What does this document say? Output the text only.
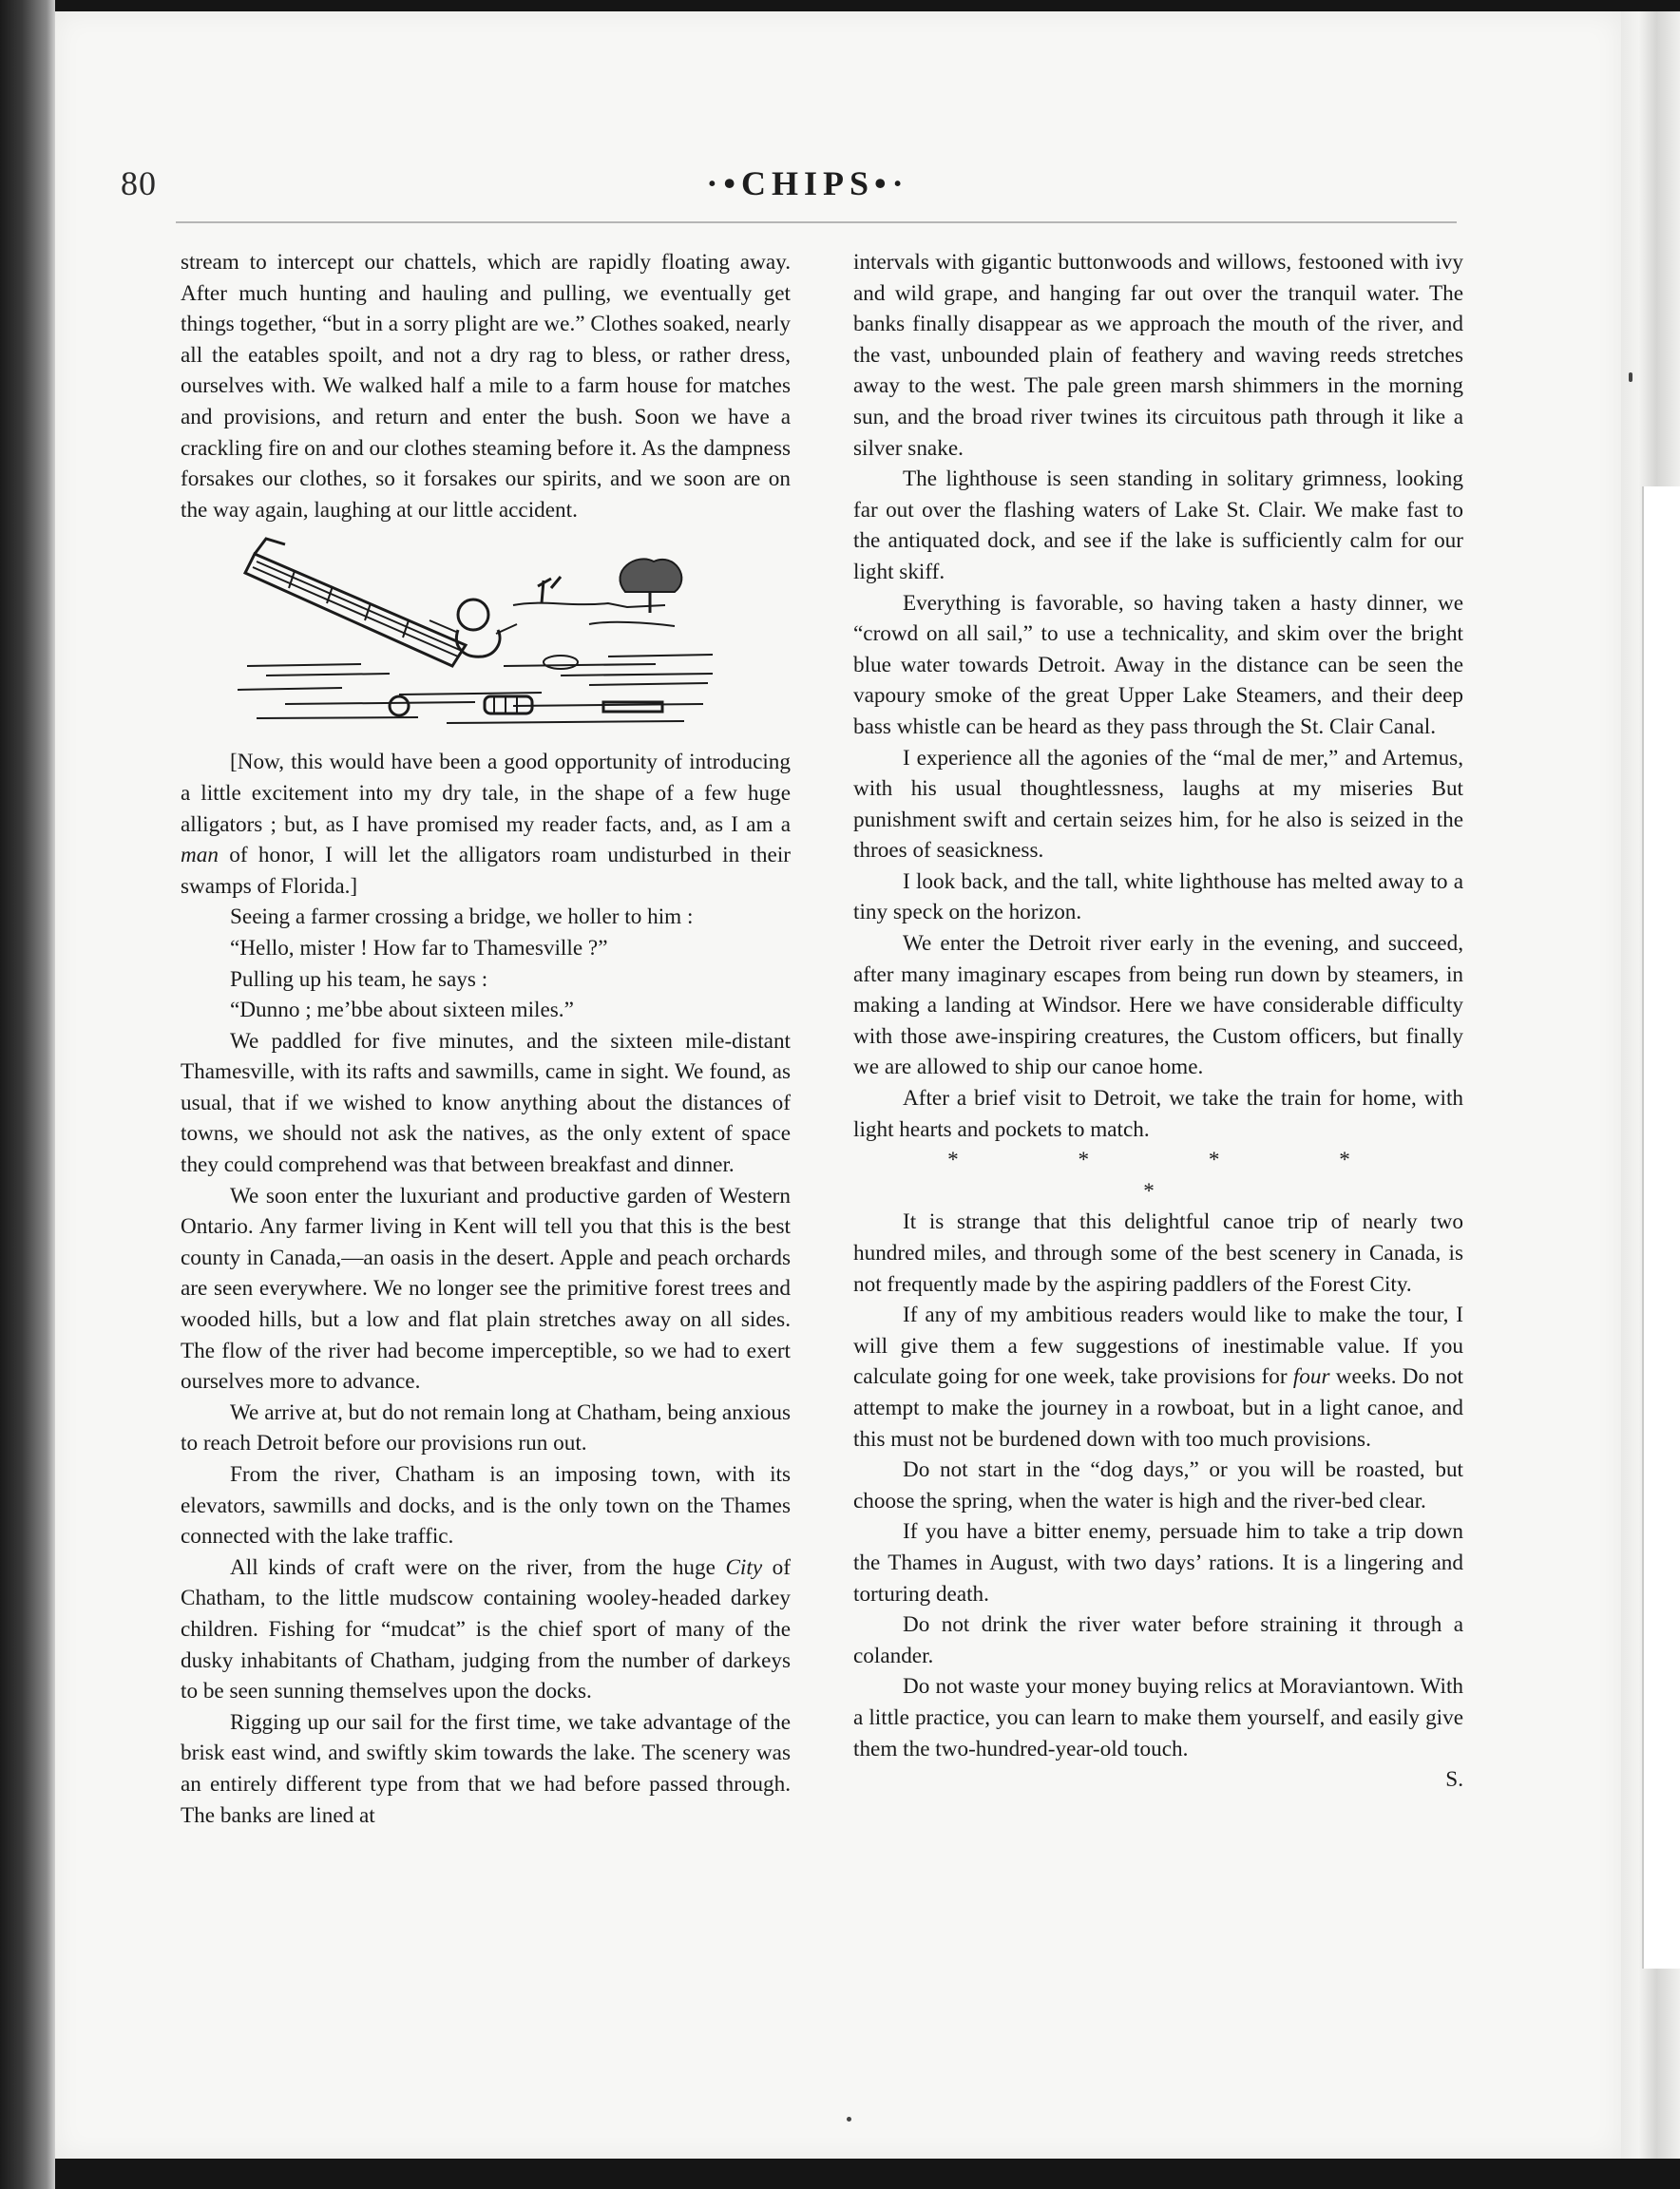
80	·•CHIPS•·

stream to intercept our chattels, which are rapidly floating away. After much hunting and hauling and pulling, we eventually get things together, “but in a sorry plight are we.” Clothes soaked, nearly all the eatables spoilt, and not a dry rag to bless, or rather dress, ourselves with. We walked half a mile to a farm house for matches and provisions, and return and enter the bush. Soon we have a crackling fire on and our clothes steaming before it. As the dampness forsakes our clothes, so it forsakes our spirits, and we soon are on the way again, laughing at our little accident.

[Now, this would have been a good opportunity of introducing a little excitement into my dry tale, in the shape of a few huge alligators ; but, as I have promised my reader facts, and, as I am a man of honor, I will let the alligators roam undisturbed in their swamps of Florida.]

Seeing a farmer crossing a bridge, we holler to him :

“Hello, mister ! How far to Thamesville ?”

Pulling up his team, he says :

“Dunno ; me’bbe about sixteen miles.”

We paddled for five minutes, and the sixteen mile-distant Thamesville, with its rafts and sawmills, came in sight. We found, as usual, that if we wished to know anything about the distances of towns, we should not ask the natives, as the only extent of space they could comprehend was that between breakfast and dinner.

We soon enter the luxuriant and productive garden of Western Ontario. Any farmer living in Kent will tell you that this is the best county in Canada,—an oasis in the desert. Apple and peach orchards are seen everywhere. We no longer see the primitive forest trees and wooded hills, but a low and flat plain stretches away on all sides. The flow of the river had become imperceptible, so we had to exert ourselves more to advance.

We arrive at, but do not remain long at Chatham, being anxious to reach Detroit before our provisions run out.

From the river, Chatham is an imposing town, with its elevators, sawmills and docks, and is the only town on the Thames connected with the lake traffic.

All kinds of craft were on the river, from the huge City of Chatham, to the little mudscow containing wooley-headed darkey children. Fishing for “mudcat” is the chief sport of many of the dusky inhabitants of Chatham, judging from the number of darkeys to be seen sunning themselves upon the docks.

Rigging up our sail for the first time, we take advantage of the brisk east wind, and swiftly skim towards the lake. The scenery was an entirely different type from that we had before passed through. The banks are lined at

intervals with gigantic buttonwoods and willows, festooned with ivy and wild grape, and hanging far out over the tranquil water. The banks finally disappear as we approach the mouth of the river, and the vast, unbounded plain of feathery and waving reeds stretches away to the west. The pale green marsh shimmers in the morning sun, and the broad river twines its circuitous path through it like a silver snake.

The lighthouse is seen standing in solitary grimness, looking far out over the flashing waters of Lake St. Clair. We make fast to the antiquated dock, and see if the lake is sufficiently calm for our light skiff.

Everything is favorable, so having taken a hasty dinner, we “crowd on all sail,” to use a technicality, and skim over the bright blue water towards Detroit. Away in the distance can be seen the vapoury smoke of the great Upper Lake Steamers, and their deep bass whistle can be heard as they pass through the St. Clair Canal.

I experience all the agonies of the “mal de mer,” and Artemus, with his usual thoughtlessness, laughs at my miseries But punishment swift and certain seizes him, for he also is seized in the throes of seasickness.

I look back, and the tall, white lighthouse has melted away to a tiny speck on the horizon.

We enter the Detroit river early in the evening, and succeed, after many imaginary escapes from being run down by steamers, in making a landing at Windsor. Here we have considerable difficulty with those awe-inspiring creatures, the Custom officers, but finally we are allowed to ship our canoe home.

After a brief visit to Detroit, we take the train for home, with light hearts and pockets to match.

* * * * *

It is strange that this delightful canoe trip of nearly two hundred miles, and through some of the best scenery in Canada, is not frequently made by the aspiring paddlers of the Forest City.

If any of my ambitious readers would like to make the tour, I will give them a few suggestions of inestimable value. If you calculate going for one week, take provisions for four weeks. Do not attempt to make the journey in a rowboat, but in a light canoe, and this must not be burdened down with too much provisions.

Do not start in the “dog days,” or you will be roasted, but choose the spring, when the water is high and the river-bed clear.

If you have a bitter enemy, persuade him to take a trip down the Thames in August, with two days’ rations. It is a lingering and torturing death.

Do not drink the river water before straining it through a colander.

Do not waste your money buying relics at Moraviantown. With a little practice, you can learn to make them yourself, and easily give them the two-hundred-year-old touch.

S.
